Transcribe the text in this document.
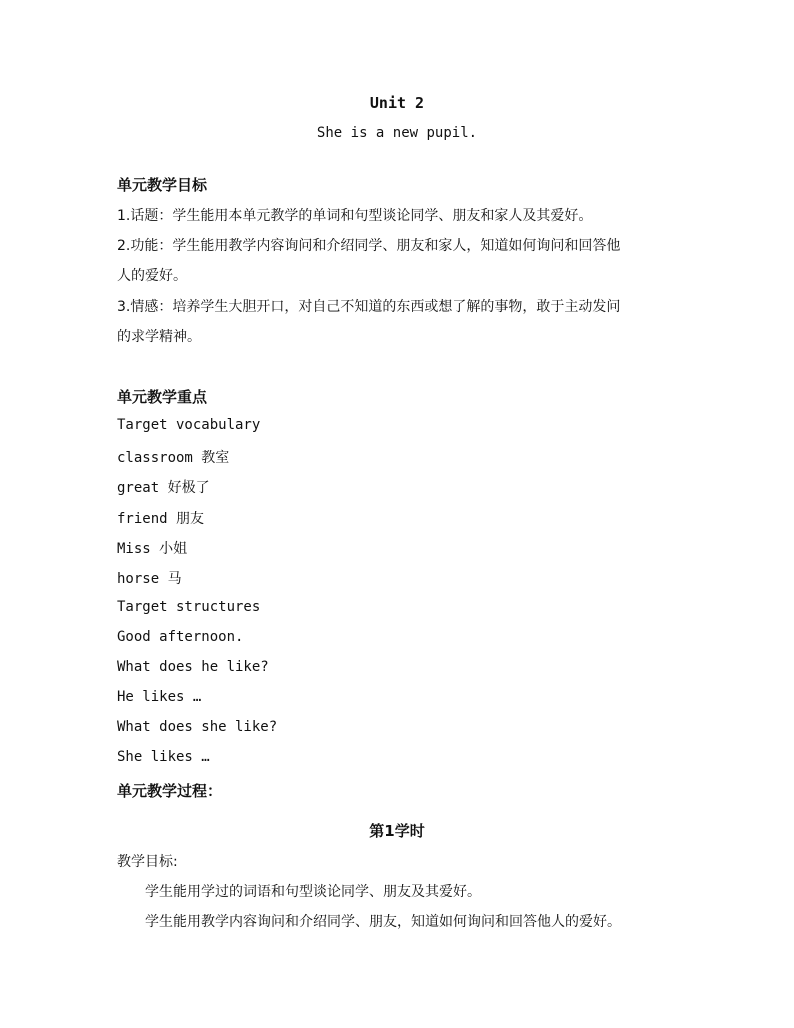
Unit 2
She is a new pupil.
单元教学目标
1.话题：学生能用本单元教学的单词和句型谈论同学、朋友和家人及其爱好。
2.功能：学生能用教学内容询问和介绍同学、朋友和家人，知道如何询问和回答他
人的爱好。
3.情感：培养学生大胆开口，对自己不知道的东西或想了解的事物，敢于主动发问
的求学精神。
单元教学重点
Target vocabulary
classroom 教室
great 好极了
friend 朋友
Miss 小姐
horse 马
Target structures
Good afternoon.
What does he like?
He likes …
What does she like?
She likes …
单元教学过程：
第1学时
教学目标:
学生能用学过的词语和句型谈论同学、朋友及其爱好。
学生能用教学内容询问和介绍同学、朋友，知道如何询问和回答他人的爱好。
